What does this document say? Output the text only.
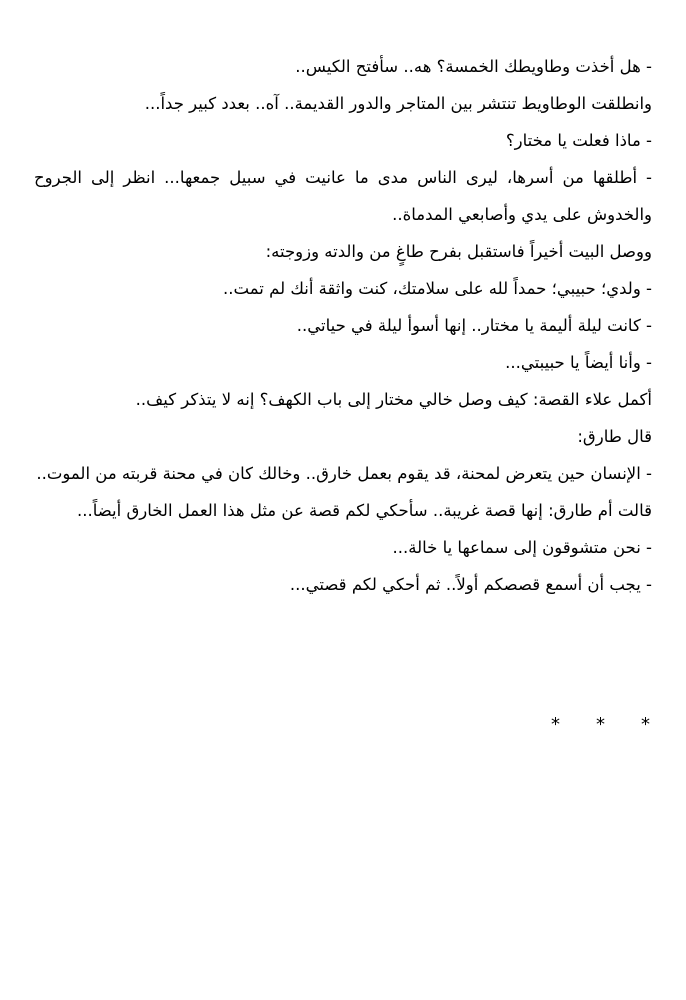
- هل أخذت وطاويطك الخمسة؟ هه.. سأفتح الكيس..

وانطلقت الوطاويط تنتشر بين المتاجر والدور القديمة.. آه.. بعدد كبير جداً...

- ماذا فعلت يا مختار؟

- أطلقها من أسرها، ليرى الناس مدى ما عانيت في سبيل جمعها... انظر إلى الجروح والخدوش على يدي وأصابعي المدماة..

ووصل البيت أخيراً فاستقبل بفرح طاغٍ من والدته وزوجته:

- ولدي؛ حبيبي؛ حمداً لله على سلامتك، كنت واثقة أنك لم تمت..

- كانت ليلة أليمة يا مختار.. إنها أسوأ ليلة في حياتي..

- وأنا أيضاً يا حبيبتي...

أكمل علاء القصة: كيف وصل خالي مختار إلى باب الكهف؟ إنه لا يتذكر كيف..

قال طارق:

- الإنسان حين يتعرض لمحنة، قد يقوم بعمل خارق.. وخالك كان في محنة قربته من الموت..

قالت أم طارق: إنها قصة غريبة.. سأحكي لكم قصة عن مثل هذا العمل الخارق أيضاً...

- نحن متشوقون إلى سماعها يا خالة...

- يجب أن أسمع قصصكم أولاً.. ثم أحكي لكم قصتي...

*
*
*
